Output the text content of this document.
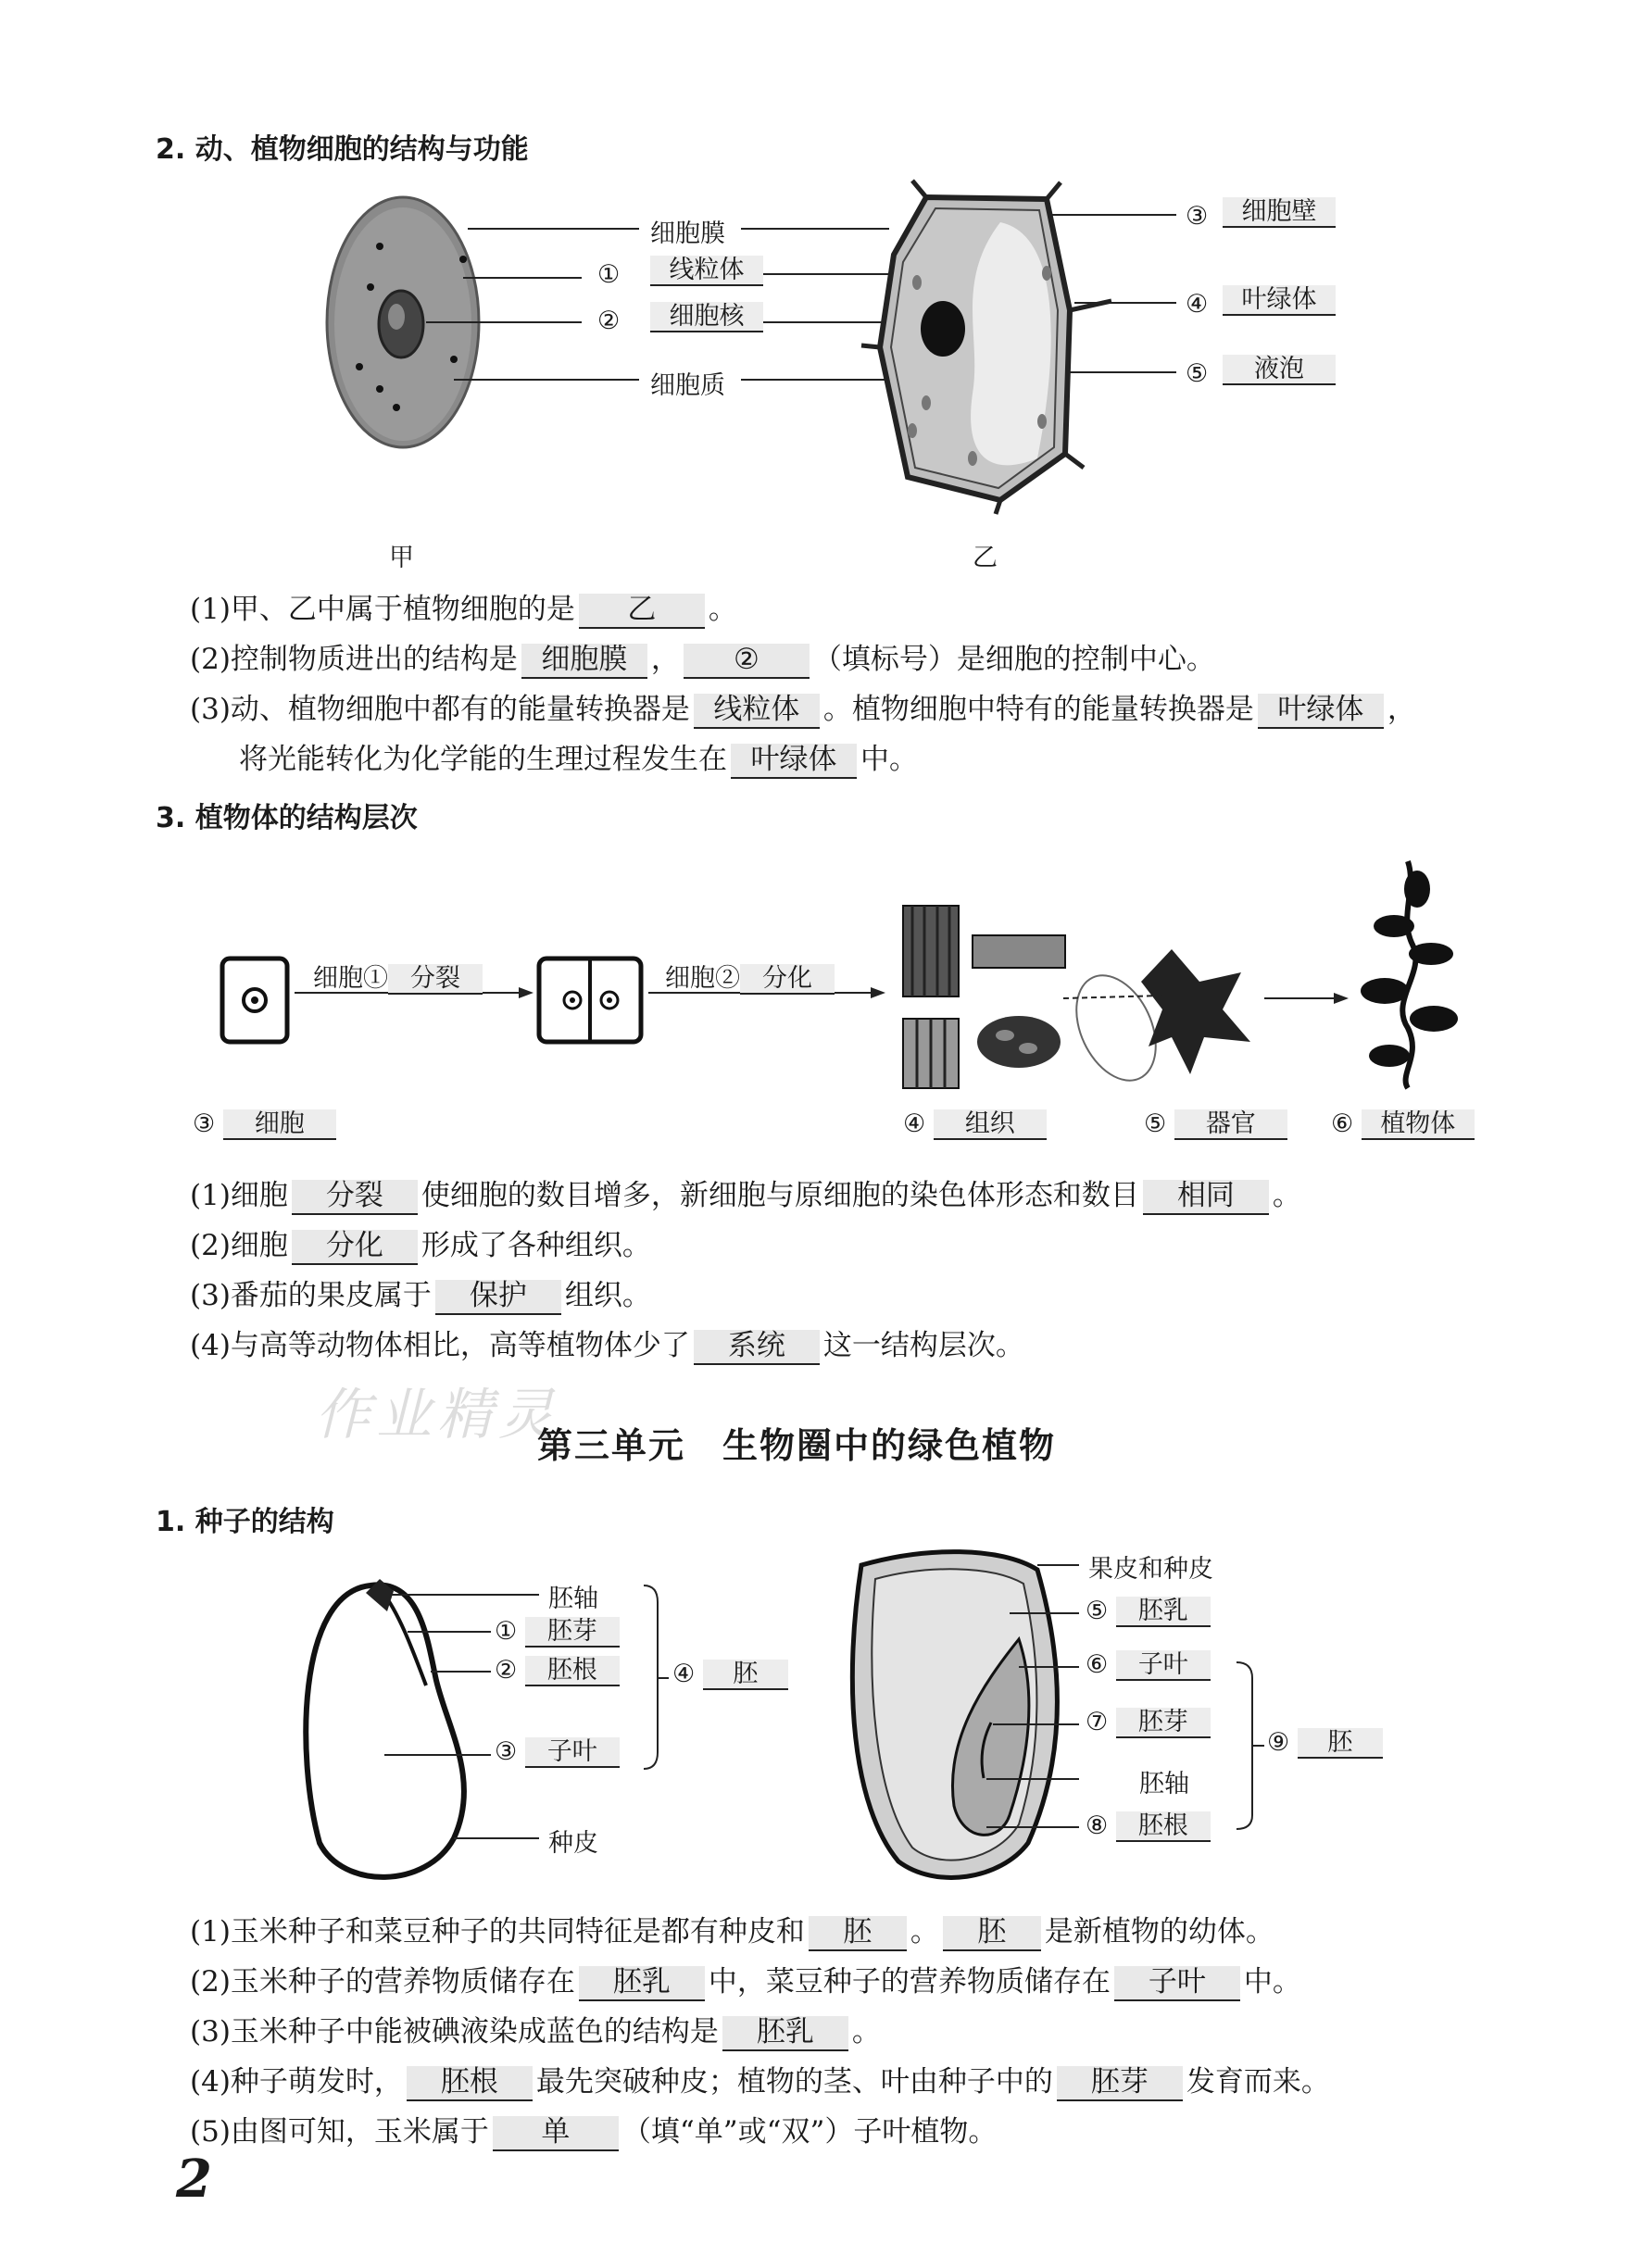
2. 动、植物细胞的结构与功能
细胞膜
①	线粒体
②	细胞核
细胞质
甲
③	细胞壁
④	叶绿体
⑤	液泡
乙
(1)甲、乙中属于植物细胞的是 乙 。
(2)控制物质进出的结构是 细胞膜 ， ② （填标号）是细胞的控制中心。
(3)动、植物细胞中都有的能量转换器是 线粒体 。植物细胞中特有的能量转换器是 叶绿体 ，
将光能转化为化学能的生理过程发生在 叶绿体 中。
3. 植物体的结构层次
细胞① 分裂	细胞② 分化
③ 细胞	④ 组织	⑤ 器官	⑥ 植物体
(1)细胞 分裂 使细胞的数目增多，新细胞与原细胞的染色体形态和数目 相同 。
(2)细胞 分化 形成了各种组织。
(3)番茄的果皮属于 保护 组织。
(4)与高等动物体相比，高等植物体少了 系统 这一结构层次。
作业精灵
第三单元　生物圈中的绿色植物
1. 种子的结构
胚轴
① 胚芽
② 胚根
③ 子叶
④ 胚
种皮
果皮和种皮
⑤ 胚乳
⑥ 子叶
⑦ 胚芽
胚轴
⑧ 胚根
⑨ 胚
(1)玉米种子和菜豆种子的共同特征是都有种皮和 胚 。 胚 是新植物的幼体。
(2)玉米种子的营养物质储存在 胚乳 中，菜豆种子的营养物质储存在 子叶 中。
(3)玉米种子中能被碘液染成蓝色的结构是 胚乳 。
(4)种子萌发时， 胚根 最先突破种皮；植物的茎、叶由种子中的 胚芽 发育而来。
(5)由图可知，玉米属于 单 （填“单”或“双”）子叶植物。
2
